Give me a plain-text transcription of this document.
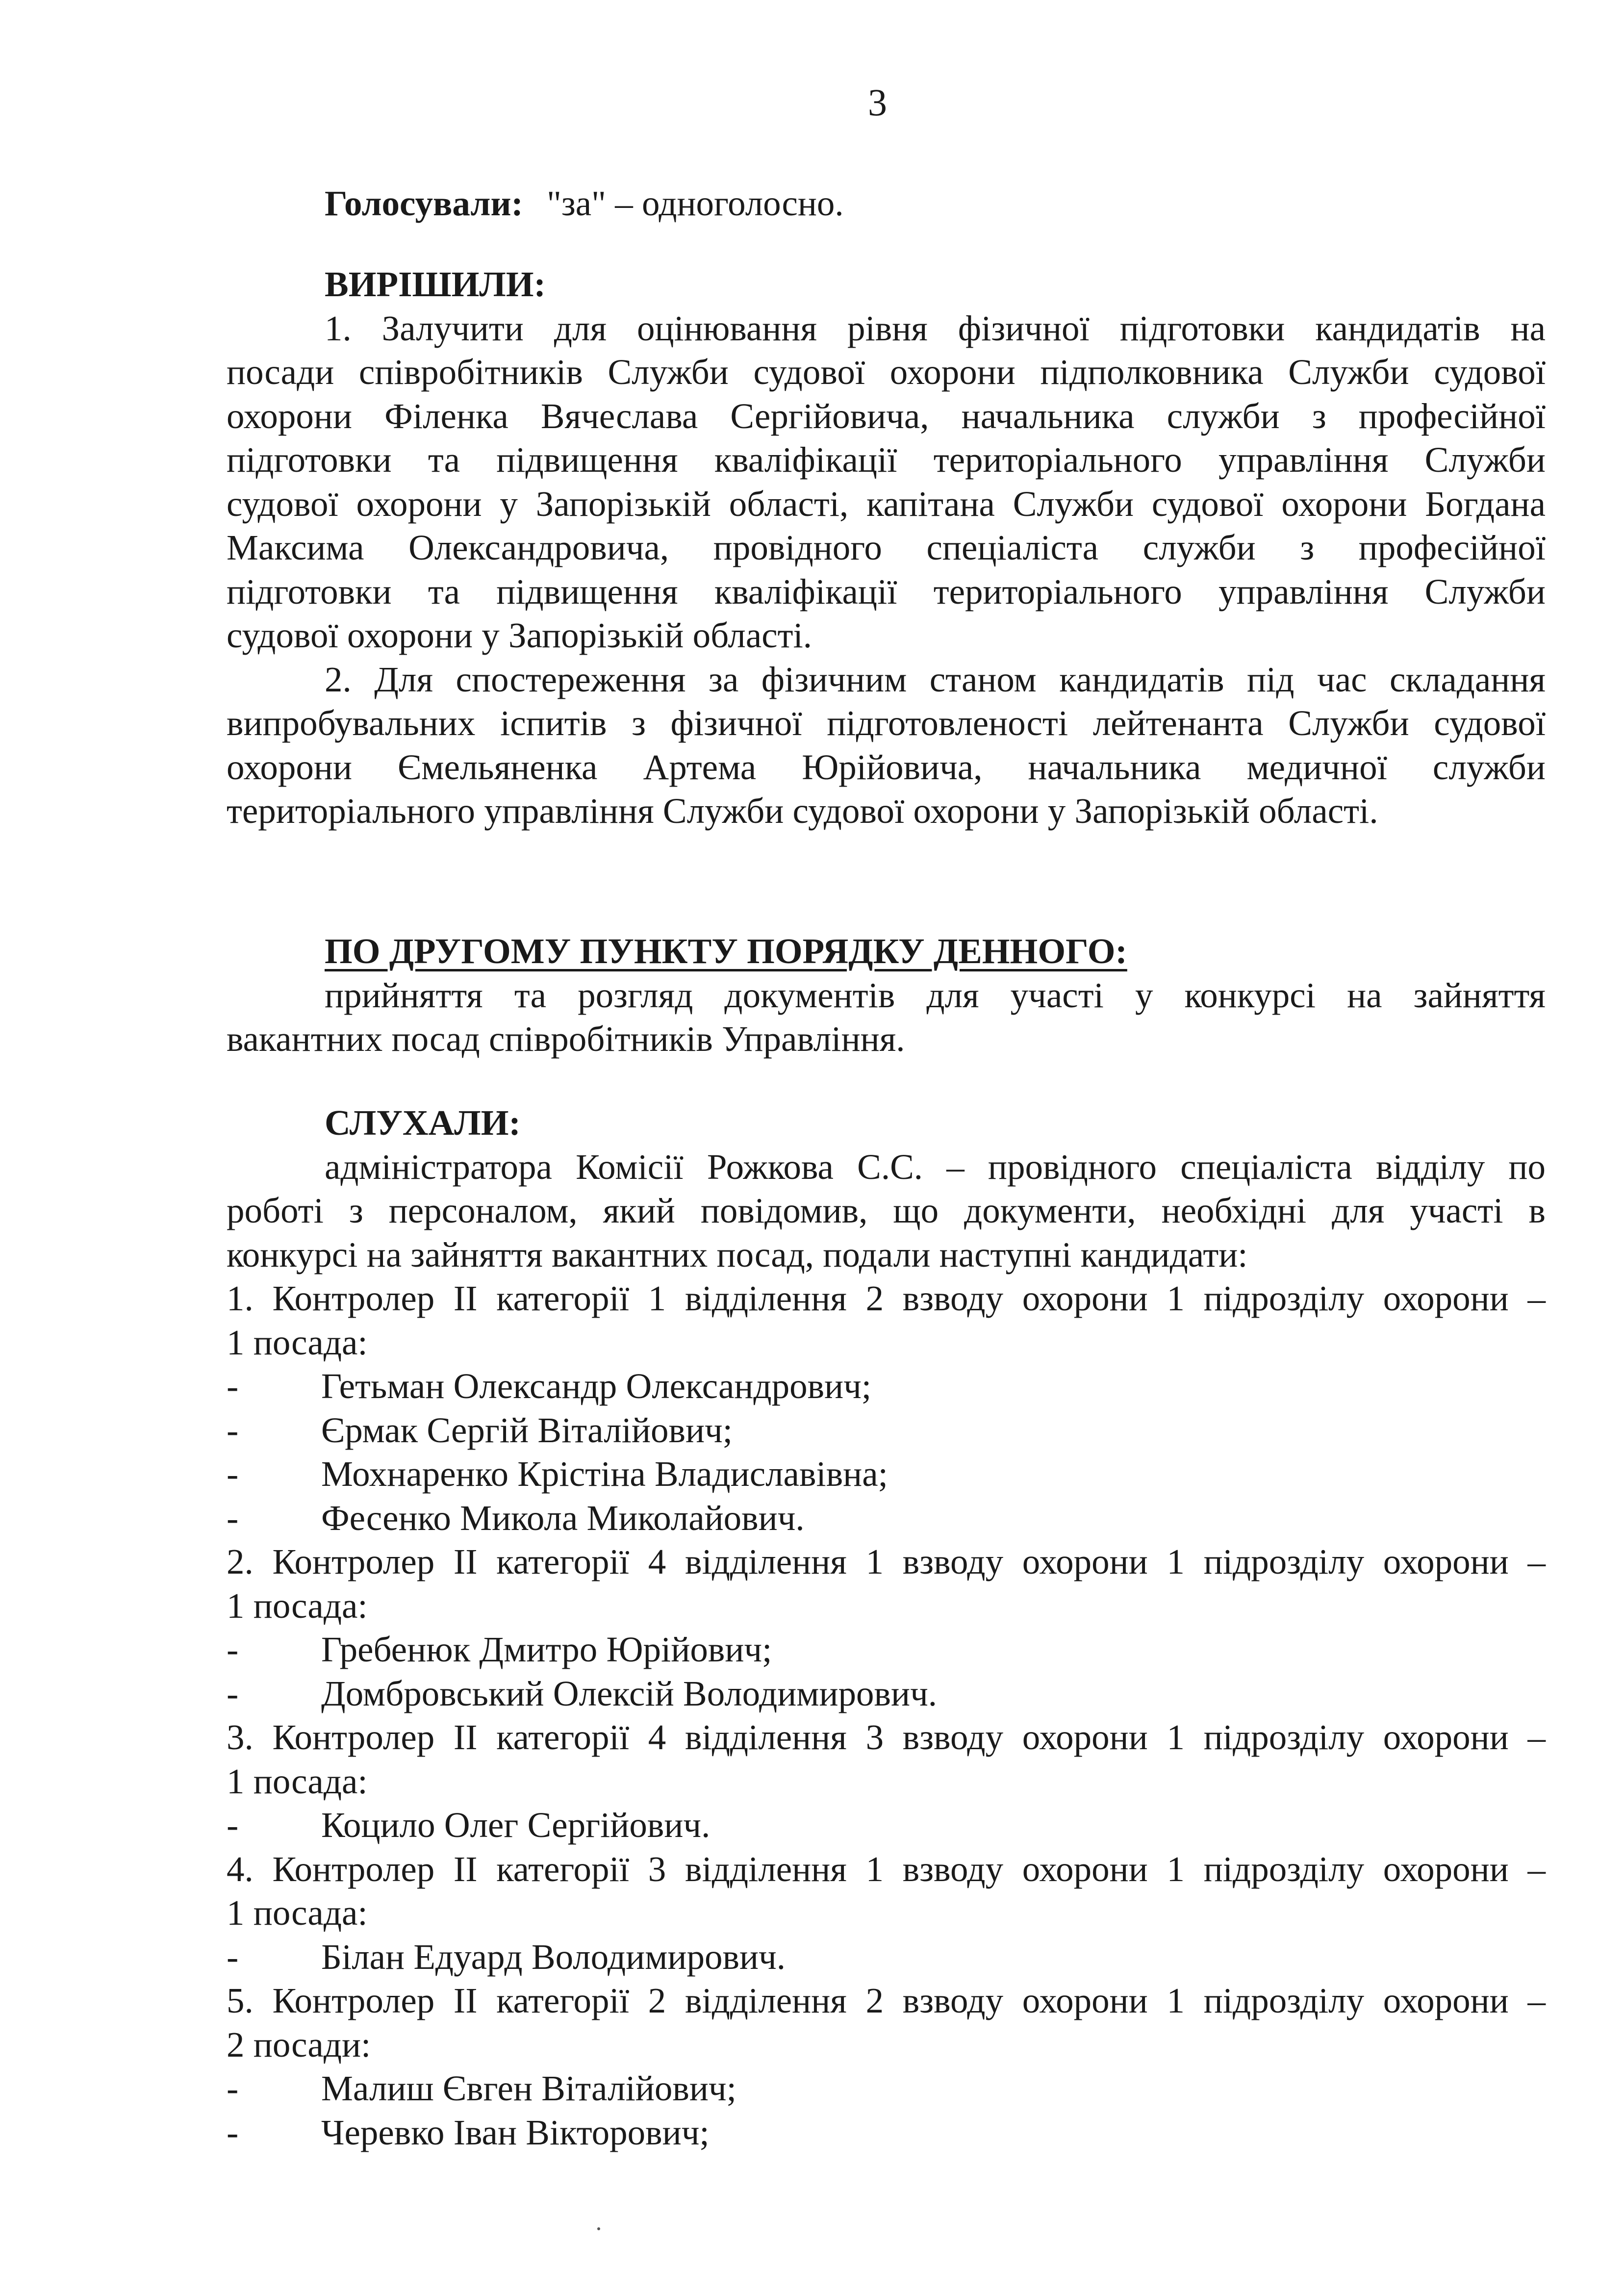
3
Голосували: "за" – одноголосно.
ВИРІШИЛИ:
1. Залучити для оцінювання рівня фізичної підготовки кандидатів на
посади співробітників Служби судової охорони підполковника Служби судової
охорони Філенка Вячеслава Сергійовича, начальника служби з професійної
підготовки та підвищення кваліфікації територіального управління Служби
судової охорони у Запорізькій області, капітана Служби судової охорони Богдана
Максима Олександровича, провідного спеціаліста служби з професійної
підготовки та підвищення кваліфікації територіального управління Служби
судової охорони у Запорізькій області.
2. Для спостереження за фізичним станом кандидатів під час складання
випробувальних іспитів з фізичної підготовленості лейтенанта Служби судової
охорони Ємельяненка Артема Юрійовича, начальника медичної служби
територіального управління Служби судової охорони у Запорізькій області.
ПО ДРУГОМУ ПУНКТУ ПОРЯДКУ ДЕННОГО:
прийняття та розгляд документів для участі у конкурсі на зайняття
вакантних посад співробітників Управління.
СЛУХАЛИ:
адміністратора Комісії Рожкова С.С. – провідного спеціаліста відділу по
роботі з персоналом, який повідомив, що документи, необхідні для участі в
конкурсі на зайняття вакантних посад, подали наступні кандидати:
1. Контролер ІІ категорії 1 відділення 2 взводу охорони 1 підрозділу охорони –
1 посада:
- Гетьман Олександр Олександрович;
- Єрмак Сергій Віталійович;
- Мохнаренко Крістіна Владиславівна;
- Фесенко Микола Миколайович.
2. Контролер ІІ категорії 4 відділення 1 взводу охорони 1 підрозділу охорони –
1 посада:
- Гребенюк Дмитро Юрійович;
- Домбровський Олексій Володимирович.
3. Контролер ІІ категорії 4 відділення 3 взводу охорони 1 підрозділу охорони –
1 посада:
- Коцило Олег Сергійович.
4. Контролер ІІ категорії 3 відділення 1 взводу охорони 1 підрозділу охорони –
1 посада:
- Білан Едуард Володимирович.
5. Контролер ІІ категорії 2 відділення 2 взводу охорони 1 підрозділу охорони –
2 посади:
- Малиш Євген Віталійович;
- Черевко Іван Вікторович;
